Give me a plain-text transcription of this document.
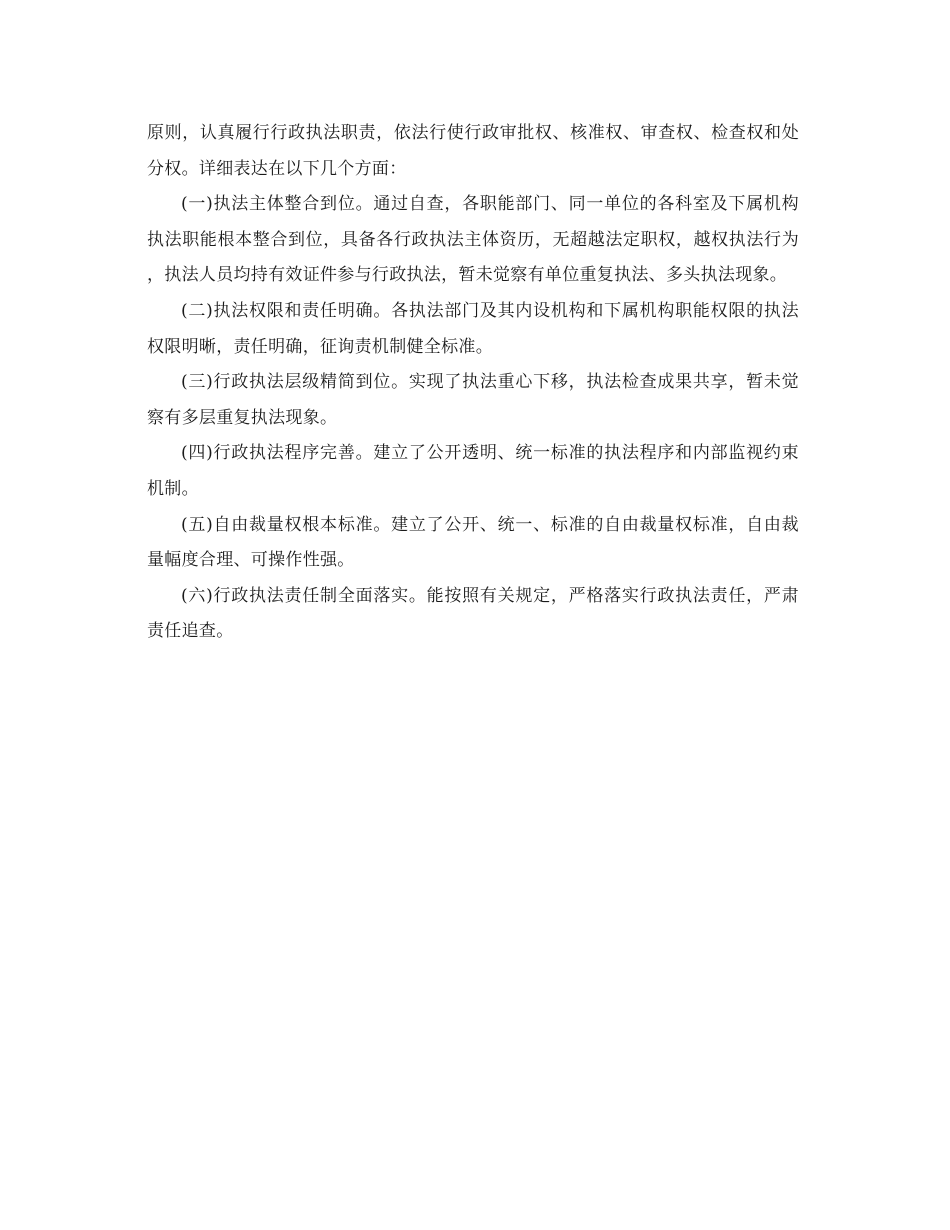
原则，认真履行行政执法职责，依法行使行政审批权、核准权、审查权、检查权和处分权。详细表达在以下几个方面：

(一)执法主体整合到位。通过自查，各职能部门、同一单位的各科室及下属机构执法职能根本整合到位，具备各行政执法主体资历，无超越法定职权，越权执法行为，执法人员均持有效证件参与行政执法，暂未觉察有单位重复执法、多头执法现象。

(二)执法权限和责任明确。各执法部门及其内设机构和下属机构职能权限的执法权限明晰，责任明确，征询责机制健全标准。

(三)行政执法层级精简到位。实现了执法重心下移，执法检查成果共享，暂未觉察有多层重复执法现象。

(四)行政执法程序完善。建立了公开透明、统一标准的执法程序和内部监视约束机制。

(五)自由裁量权根本标准。建立了公开、统一、标准的自由裁量权标准，自由裁量幅度合理、可操作性强。

(六)行政执法责任制全面落实。能按照有关规定，严格落实行政执法责任，严肃责任追查。
